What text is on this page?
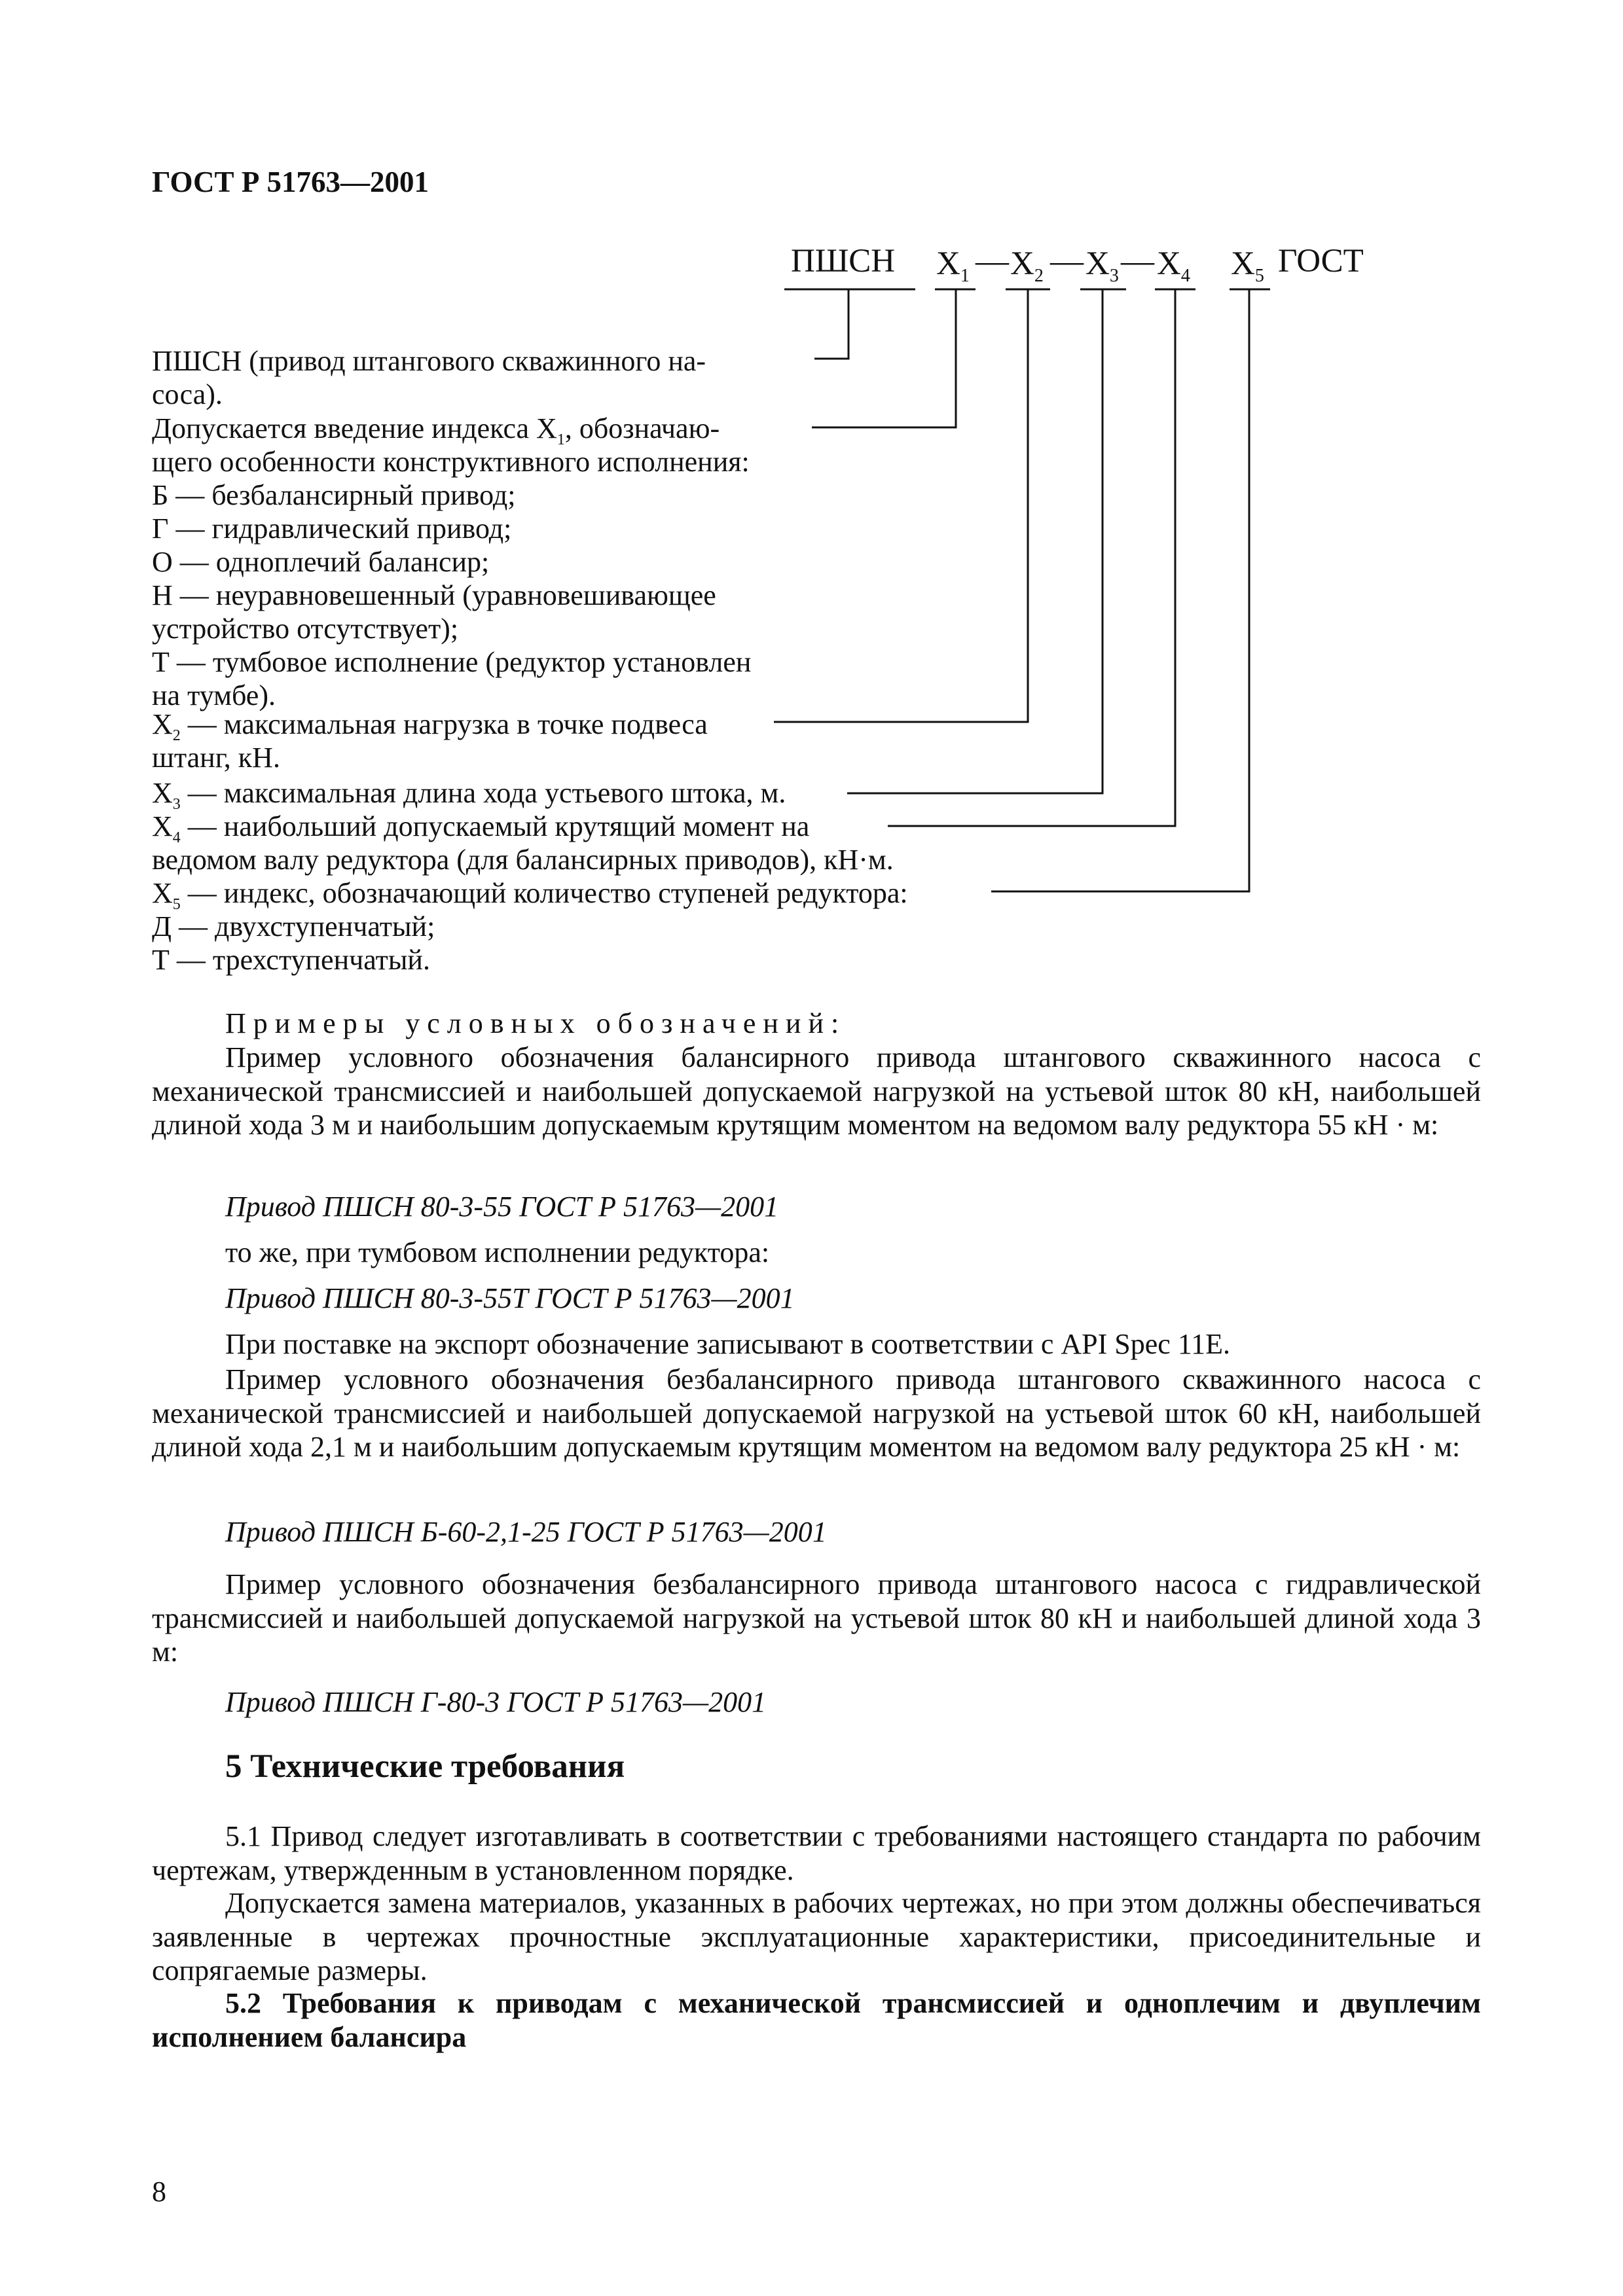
ГОСТ Р 51763—2001
ПШСН $X_1$ — $X_2$ — $X_3$ — $X_4$ $X_5$ ГОСТ
ПШСН (привод штангового скважинного на-
соса).
Допускается введение индекса $X_1$, обозначаю-
щего особенности конструктивного исполнения:
Б — безбалансирный привод;
Г — гидравлический привод;
О — одноплечий балансир;
Н — неуравновешенный (уравновешивающее
устройство отсутствует);
Т — тумбовое исполнение (редуктор установлен
на тумбе).
$X_2$ — максимальная нагрузка в точке подвеса
штанг, кН.
$X_3$ — максимальная длина хода устьевого штока, м.
$X_4$ — наибольший допускаемый крутящий момент на
ведомом валу редуктора (для балансирных приводов), кН·м.
$X_5$ — индекс, обозначающий количество ступеней редуктора:
Д — двухступенчатый;
Т — трехступенчатый.
Примеры условных обозначений:
Пример условного обозначения балансирного привода штангового скважинного насоса с механической трансмиссией и наибольшей допускаемой нагрузкой на устьевой шток 80 кН, наибольшей длиной хода 3 м и наибольшим допускаемым крутящим моментом на ведомом валу редуктора 55 кН · м:
Привод ПШСН 80-3-55 ГОСТ Р 51763—2001
то же, при тумбовом исполнении редуктора:
Привод ПШСН 80-3-55Т ГОСТ Р 51763—2001
При поставке на экспорт обозначение записывают в соответствии с API Spec 11E.
Пример условного обозначения безбалансирного привода штангового скважинного насоса с механической трансмиссией и наибольшей допускаемой нагрузкой на устьевой шток 60 кН, наибольшей длиной хода 2,1 м и наибольшим допускаемым крутящим моментом на ведомом валу редуктора 25 кН · м:
Привод ПШСН Б-60-2,1-25 ГОСТ Р 51763—2001
Пример условного обозначения безбалансирного привода штангового насоса с гидравлической трансмиссией и наибольшей допускаемой нагрузкой на устьевой шток 80 кН и наибольшей длиной хода 3 м:
Привод ПШСН Г-80-3 ГОСТ Р 51763—2001
5 Технические требования
5.1 Привод следует изготавливать в соответствии с требованиями настоящего стандарта по рабочим чертежам, утвержденным в установленном порядке.
Допускается замена материалов, указанных в рабочих чертежах, но при этом должны обеспечиваться заявленные в чертежах прочностные эксплуатационные характеристики, присоединительные и сопрягаемые размеры.
5.2 Требования к приводам с механической трансмиссией и одноплечим и двуплечим исполнением балансира
8
